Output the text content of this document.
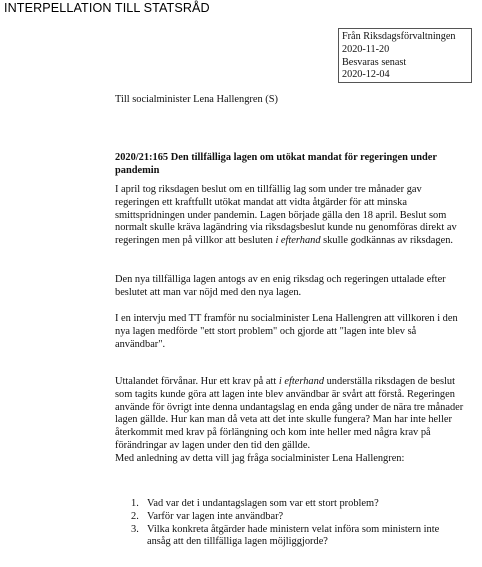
INTERPELLATION TILL STATSRÅD
Från Riksdagsförvaltningen
2020-11-20
Besvaras senast
2020-12-04
Till socialminister Lena Hallengren (S)
2020/21:165 Den tillfälliga lagen om utökat mandat för regeringen under pandemin
I april tog riksdagen beslut om en tillfällig lag som under tre månader gav regeringen ett kraftfullt utökat mandat att vidta åtgärder för att minska smittspridningen under pandemin. Lagen började gälla den 18 april. Beslut som normalt skulle kräva lagändring via riksdagsbeslut kunde nu genomföras direkt av regeringen men på villkor att besluten i efterhand skulle godkännas av riksdagen.
Den nya tillfälliga lagen antogs av en enig riksdag och regeringen uttalade efter beslutet att man var nöjd med den nya lagen.
I en intervju med TT framför nu socialminister Lena Hallengren att villkoren i den nya lagen medförde "ett stort problem" och gjorde att "lagen inte blev så användbar".
Uttalandet förvånar. Hur ett krav på att i efterhand underställa riksdagen de beslut som tagits kunde göra att lagen inte blev användbar är svårt att förstå. Regeringen använde för övrigt inte denna undantagslag en enda gång under de nära tre månader lagen gällde. Hur kan man då veta att det inte skulle fungera? Man har inte heller återkommit med krav på förlängning och kom inte heller med några krav på förändringar av lagen under den tid den gällde.
Med anledning av detta vill jag fråga socialminister Lena Hallengren:
1. Vad var det i undantagslagen som var ett stort problem?
2. Varför var lagen inte användbar?
3. Vilka konkreta åtgärder hade ministern velat införa som ministern inte ansåg att den tillfälliga lagen möjliggjorde?
